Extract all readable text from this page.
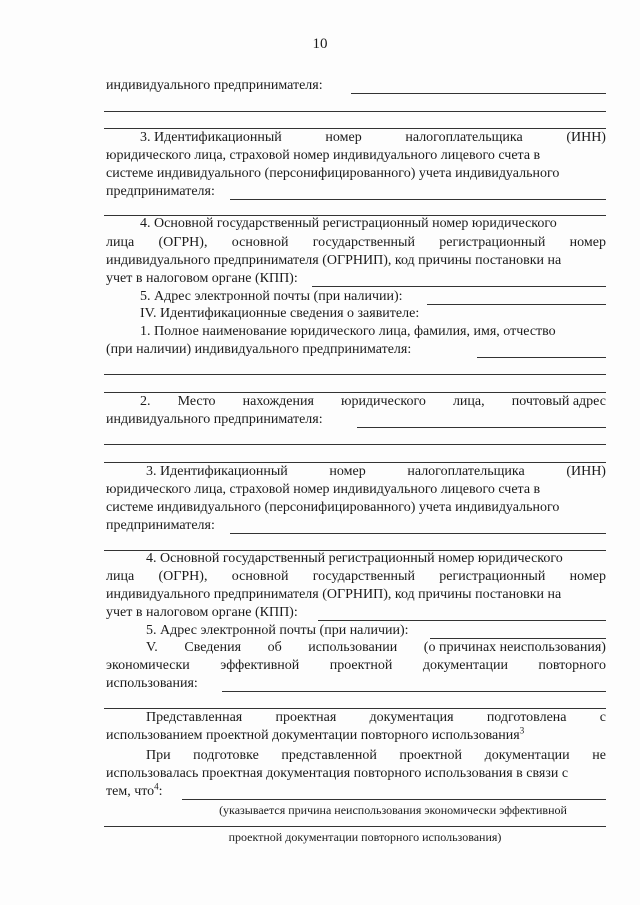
10
индивидуального предпринимателя:
3. Идентификационный	номер	налогоплательщика	(ИНН)
юридического лица, страховой номер индивидуального лицевого счета в
системе индивидуального (персонифицированного) учета индивидуального
предпринимателя:
4. Основной государственный регистрационный номер юридического
лица (ОГРН), основной государственный регистрационный номер
индивидуального предпринимателя (ОГРНИП), код причины постановки на
учет в налоговом органе (КПП):
5. Адрес электронной почты (при наличии):
IV. Идентификационные сведения о заявителе:
1. Полное наименование юридического лица, фамилия, имя, отчество
(при наличии) индивидуального предпринимателя:
2. Место нахождения юридического лица, почтовый адрес
индивидуального предпринимателя:
3. Идентификационный	номер	налогоплательщика	(ИНН)
юридического лица, страховой номер индивидуального лицевого счета в
системе индивидуального (персонифицированного) учета индивидуального
предпринимателя:
4. Основной государственный регистрационный номер юридического
лица (ОГРН), основной государственный регистрационный номер
индивидуального предпринимателя (ОГРНИП), код причины постановки на
учет в налоговом органе (КПП):
5. Адрес электронной почты (при наличии):
V. Сведения об использовании (о причинах неиспользования)
экономически эффективной проектной документации повторного
использования:
Представленная проектная документация подготовлена с
использованием проектной документации повторного использования$^3$
При подготовке представленной проектной документации не
использовалась проектная документация повторного использования в связи с
тем, что$^4$:
(указывается причина неиспользования экономически эффективной
проектной документации повторного использования)
